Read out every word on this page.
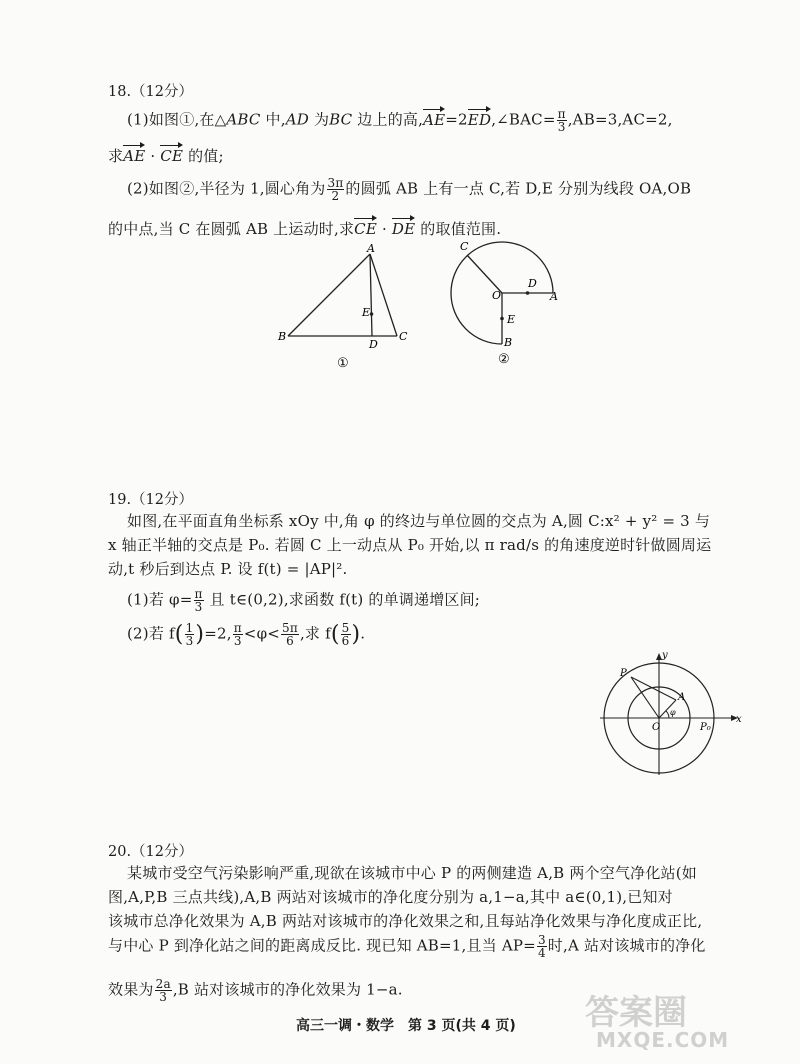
18.（12分）
(1)如图①,在△ABC 中,AD 为BC 边上的高,AE=2ED,∠BAC= $\frac{\pi}{3} ,AB=3,AC=2$,
求AE · CE 的值;
(2)如图②,半径为 1,圆心角为 $\frac{3\pi}{2}$ 的圆弧 AB 上有一点 C,若 D,E 分别为线段 OA,OB
的中点,当 C 在圆弧 AB 上运动时,求CE · DE 的取值范围.
A
B	C
D
E
①
C
O
D
A
E
B
②
19.（12分）
如图,在平面直角坐标系 xOy 中,角 φ 的终边与单位圆的交点为 A,圆 C:x² + y² = 3 与
x 轴正半轴的交点是 P₀. 若圆 C 上一动点从 P₀ 开始,以 π rad/s 的角速度逆时针做圆周运
动,t 秒后到达点 P. 设 f(t) = |AP|².
(1)若 $\varphi= \frac{\pi}{3}$ 且 t∈(0,2),求函数 f(t) 的单调递增区间;
(2)若 $f( \frac{1}{3} )=2$, $\frac{\pi}{3} <\varphi< \frac{5\pi}{6}$ ,求 $f( \frac{5}{6}$ ).
y
x
P
A
O	P₀
φ
20.（12分）
某城市受空气污染影响严重,现欲在该城市中心 P 的两侧建造 A,B 两个空气净化站(如
图,A,P,B 三点共线),A,B 两站对该城市的净化度分别为 a,1−a,其中 a∈(0,1),已知对
该城市总净化效果为 A,B 两站对该城市的净化效果之和,且每站净化效果与净化度成正比,
与中心 P 到净化站之间的距离成反比. 现已知 AB=1,且当 $AP= \frac{3}{4}$ 时,A 站对该城市的净化
效果为 $\frac{2a}{3} ,B$ 站对该城市的净化效果为 1−a.
高三一调・数学　第 3 页(共 4 页) 答案圈
MXQE.COM
